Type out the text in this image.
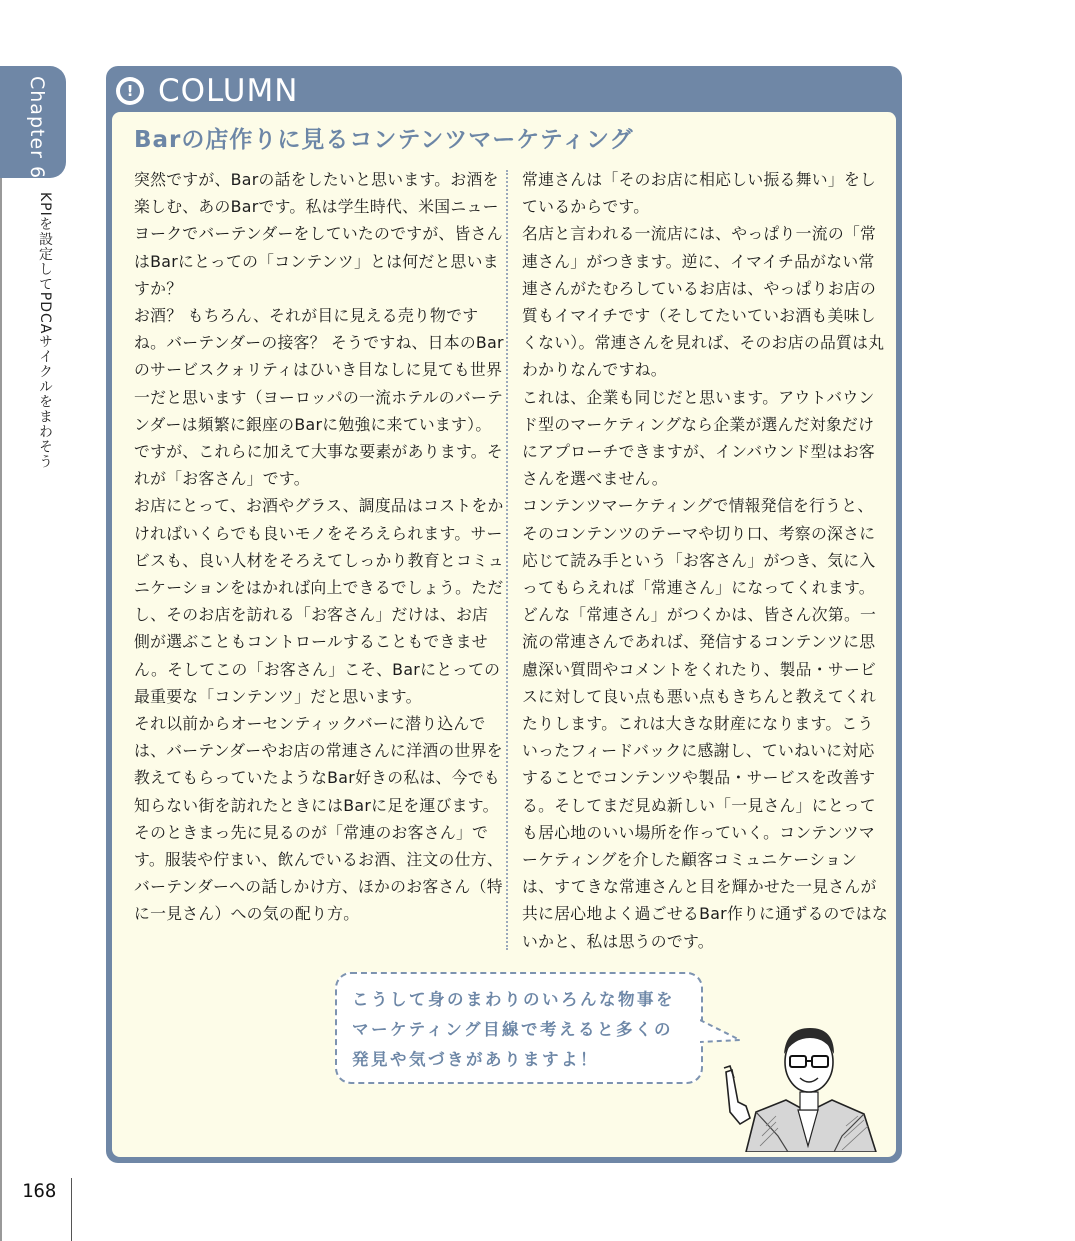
Chapter 6
KPIを設定してPDCAサイクルをまわそう
! COLUMN
Barの店作りに見るコンテンツマーケティング

突然ですが、Barの話をしたいと思います。お酒を楽しむ、あのBarです。私は学生時代、米国ニューヨークでバーテンダーをしていたのですが、皆さんはBarにとっての「コンテンツ」とは何だと思いますか？

お酒？ もちろん、それが目に見える売り物ですね。バーテンダーの接客？ そうですね、日本のBarのサービスクォリティはひいき目なしに見ても世界一だと思います（ヨーロッパの一流ホテルのバーテンダーは頻繁に銀座のBarに勉強に来ています）。ですが、これらに加えて大事な要素があります。それが「お客さん」です。

お店にとって、お酒やグラス、調度品はコストをかければいくらでも良いモノをそろえられます。サービスも、良い人材をそろえてしっかり教育とコミュニケーションをはかれば向上できるでしょう。ただし、そのお店を訪れる「お客さん」だけは、お店側が選ぶこともコントロールすることもできません。そしてこの「お客さん」こそ、Barにとっての最重要な「コンテンツ」だと思います。

それ以前からオーセンティックバーに潜り込んでは、バーテンダーやお店の常連さんに洋酒の世界を教えてもらっていたようなBar好きの私は、今でも知らない街を訪れたときにはBarに足を運びます。そのときまっ先に見るのが「常連のお客さん」です。服装や佇まい、飲んでいるお酒、注文の仕方、バーテンダーへの話しかけ方、ほかのお客さん（特に一見さん）への気の配り方。

常連さんは「そのお店に相応しい振る舞い」をしているからです。

名店と言われる一流店には、やっぱり一流の「常連さん」がつきます。逆に、イマイチ品がない常連さんがたむろしているお店は、やっぱりお店の質もイマイチです（そしてたいていお酒も美味しくない）。常連さんを見れば、そのお店の品質は丸わかりなんですね。

これは、企業も同じだと思います。アウトバウンド型のマーケティングなら企業が選んだ対象だけにアプローチできますが、インバウンド型はお客さんを選べません。

コンテンツマーケティングで情報発信を行うと、そのコンテンツのテーマや切り口、考察の深さに応じて読み手という「お客さん」がつき、気に入ってもらえれば「常連さん」になってくれます。どんな「常連さん」がつくかは、皆さん次第。一流の常連さんであれば、発信するコンテンツに思慮深い質問やコメントをくれたり、製品・サービスに対して良い点も悪い点もきちんと教えてくれたりします。これは大きな財産になります。こういったフィードバックに感謝し、ていねいに対応することでコンテンツや製品・サービスを改善する。そしてまだ見ぬ新しい「一見さん」にとっても居心地のいい場所を作っていく。コンテンツマーケティングを介した顧客コミュニケーションは、すてきな常連さんと目を輝かせた一見さんが共に居心地よく過ごせるBar作りに通ずるのではないかと、私は思うのです。

こうして身のまわりのいろんな物事を

マーケティング目線で考えると多くの

発見や気づきがありますよ！

168
